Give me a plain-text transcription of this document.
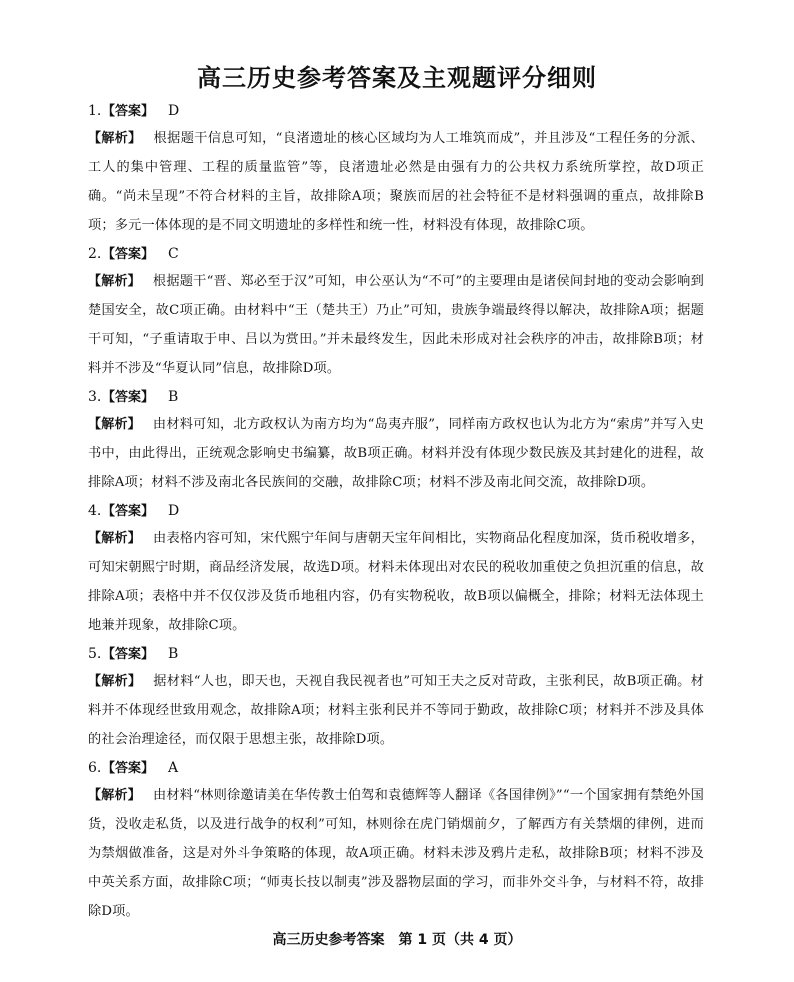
高三历史参考答案及主观题评分细则
1.【答案】 D
【解析】 根据题干信息可知，“良渚遗址的核心区域均为人工堆筑而成”，并且涉及“工程任务的分派、工人的集中管理、工程的质量监管”等，良渚遗址必然是由强有力的公共权力系统所掌控，故D项正确。“尚未呈现”不符合材料的主旨，故排除A项；聚族而居的社会特征不是材料强调的重点，故排除B项；多元一体体现的是不同文明遗址的多样性和统一性，材料没有体现，故排除C项。
2.【答案】 C
【解析】 根据题干“晋、郑必至于汉”可知，申公巫认为“不可”的主要理由是诸侯间封地的变动会影响到楚国安全，故C项正确。由材料中“王（楚共王）乃止”可知，贵族争端最终得以解决，故排除A项；据题干可知，“子重请取于申、吕以为赏田。”并未最终发生，因此未形成对社会秩序的冲击，故排除B项；材料并不涉及“华夏认同”信息，故排除D项。
3.【答案】 B
【解析】 由材料可知，北方政权认为南方均为“岛夷卉服”，同样南方政权也认为北方为“索虏”并写入史书中，由此得出，正统观念影响史书编纂，故B项正确。材料并没有体现少数民族及其封建化的进程，故排除A项；材料不涉及南北各民族间的交融，故排除C项；材料不涉及南北间交流，故排除D项。
4.【答案】 D
【解析】 由表格内容可知，宋代熙宁年间与唐朝天宝年间相比，实物商品化程度加深，货币税收增多，可知宋朝熙宁时期，商品经济发展，故选D项。材料未体现出对农民的税收加重使之负担沉重的信息，故排除A项；表格中并不仅仅涉及货币地租内容，仍有实物税收，故B项以偏概全，排除；材料无法体现土地兼并现象，故排除C项。
5.【答案】 B
【解析】 据材料“人也，即天也，天视自我民视者也”可知王夫之反对苛政，主张利民，故B项正确。材料并不体现经世致用观念，故排除A项；材料主张利民并不等同于勤政，故排除C项；材料并不涉及具体的社会治理途径，而仅限于思想主张，故排除D项。
6.【答案】 A
【解析】 由材料“林则徐邀请美在华传教士伯驾和袁德辉等人翻译《各国律例》”“一个国家拥有禁绝外国货，没收走私货，以及进行战争的权利”可知，林则徐在虎门销烟前夕，了解西方有关禁烟的律例，进而为禁烟做准备，这是对外斗争策略的体现，故A项正确。材料未涉及鸦片走私，故排除B项；材料不涉及中英关系方面，故排除C项；“师夷长技以制夷”涉及器物层面的学习，而非外交斗争，与材料不符，故排除D项。
高三历史参考答案　第 1 页（共 4 页）
